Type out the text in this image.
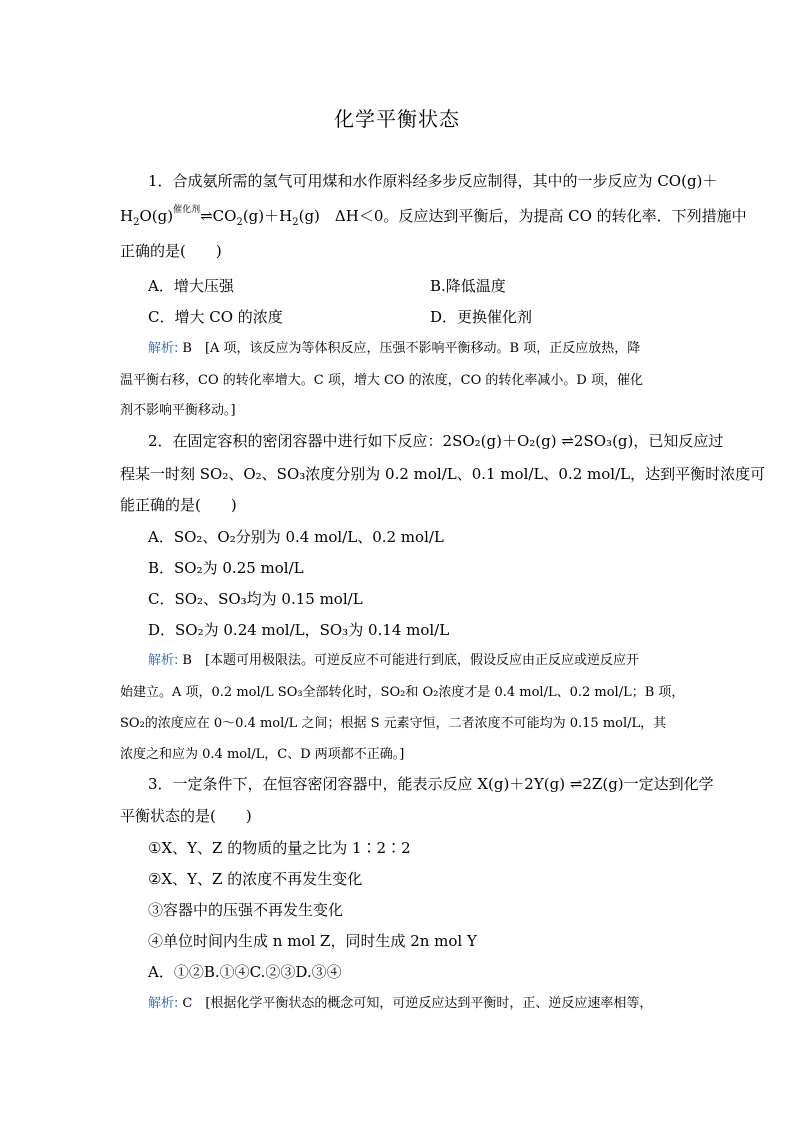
化学平衡状态
1．合成氨所需的氢气可用煤和水作原料经多步反应制得，其中的一步反应为 CO(g)＋
$H_2O(g)^{催化剂}\rightleftharpoons CO_2(g)+H_2(g)$　ΔH＜0。反应达到平衡后，为提高 CO 的转化率．下列措施中
正确的是(　　)
A．增大压强	B.降低温度
C．增大 CO 的浓度	D．更换催化剂
解析: B　[A 项，该反应为等体积反应，压强不影响平衡移动。B 项，正反应放热，降
温平衡右移，CO 的转化率增大。C 项，增大 CO 的浓度，CO 的转化率减小。D 项，催化
剂不影响平衡移动。]
2．在固定容积的密闭容器中进行如下反应：2SO₂(g)＋O₂(g) ⇌2SO₃(g)，已知反应过
程某一时刻 SO₂、O₂、SO₃浓度分别为 0.2 mol/L、0.1 mol/L、0.2 mol/L，达到平衡时浓度可
能正确的是(　　)
A．SO₂、O₂分别为 0.4 mol/L、0.2 mol/L
B．SO₂为 0.25 mol/L
C．SO₂、SO₃均为 0.15 mol/L
D．SO₂为 0.24 mol/L，SO₃为 0.14 mol/L
解析: B　[本题可用极限法。可逆反应不可能进行到底，假设反应由正反应或逆反应开
始建立。A 项，0.2 mol/L SO₃全部转化时，SO₂和 O₂浓度才是 0.4 mol/L、0.2 mol/L；B 项，
SO₂的浓度应在 0～0.4 mol/L 之间；根据 S 元素守恒，二者浓度不可能均为 0.15 mol/L，其
浓度之和应为 0.4 mol/L，C、D 两项都不正确。]
3．一定条件下，在恒容密闭容器中，能表示反应 X(g)＋2Y(g) ⇌2Z(g)一定达到化学
平衡状态的是(　　)
①X、Y、Z 的物质的量之比为 1∶2∶2
②X、Y、Z 的浓度不再发生变化
③容器中的压强不再发生变化
④单位时间内生成 n mol Z，同时生成 2n mol Y
A．①②B.①④C.②③D.③④
解析: C　[根据化学平衡状态的概念可知，可逆反应达到平衡时，正、逆反应速率相等，
